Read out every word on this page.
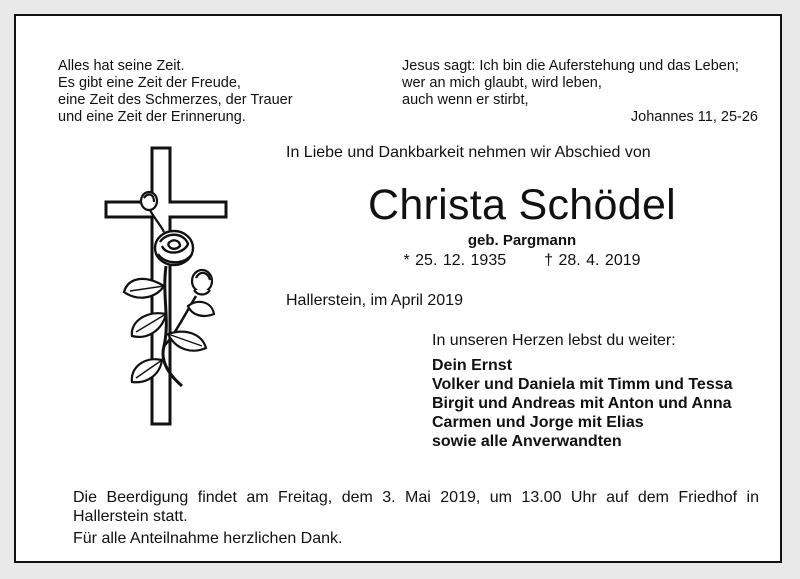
Alles hat seine Zeit.
Es gibt eine Zeit der Freude,
eine Zeit des Schmerzes, der Trauer
und eine Zeit der Erinnerung.
Jesus sagt: Ich bin die Auferstehung und das Leben;
wer an mich glaubt, wird leben,
auch wenn er stirbt,
Johannes 11, 25-26
In Liebe und Dankbarkeit nehmen wir Abschied von
Christa Schödel
geb. Pargmann
* 25. 12. 1935 † 28. 4. 2019
Hallerstein, im April 2019
In unseren Herzen lebst du weiter:
Dein Ernst
Volker und Daniela mit Timm und Tessa
Birgit und Andreas mit Anton und Anna
Carmen und Jorge mit Elias
sowie alle Anverwandten
Die Beerdigung findet am Freitag, dem 3. Mai 2019, um 13.00 Uhr auf dem Friedhof in Hallerstein statt.
Für alle Anteilnahme herzlichen Dank.
